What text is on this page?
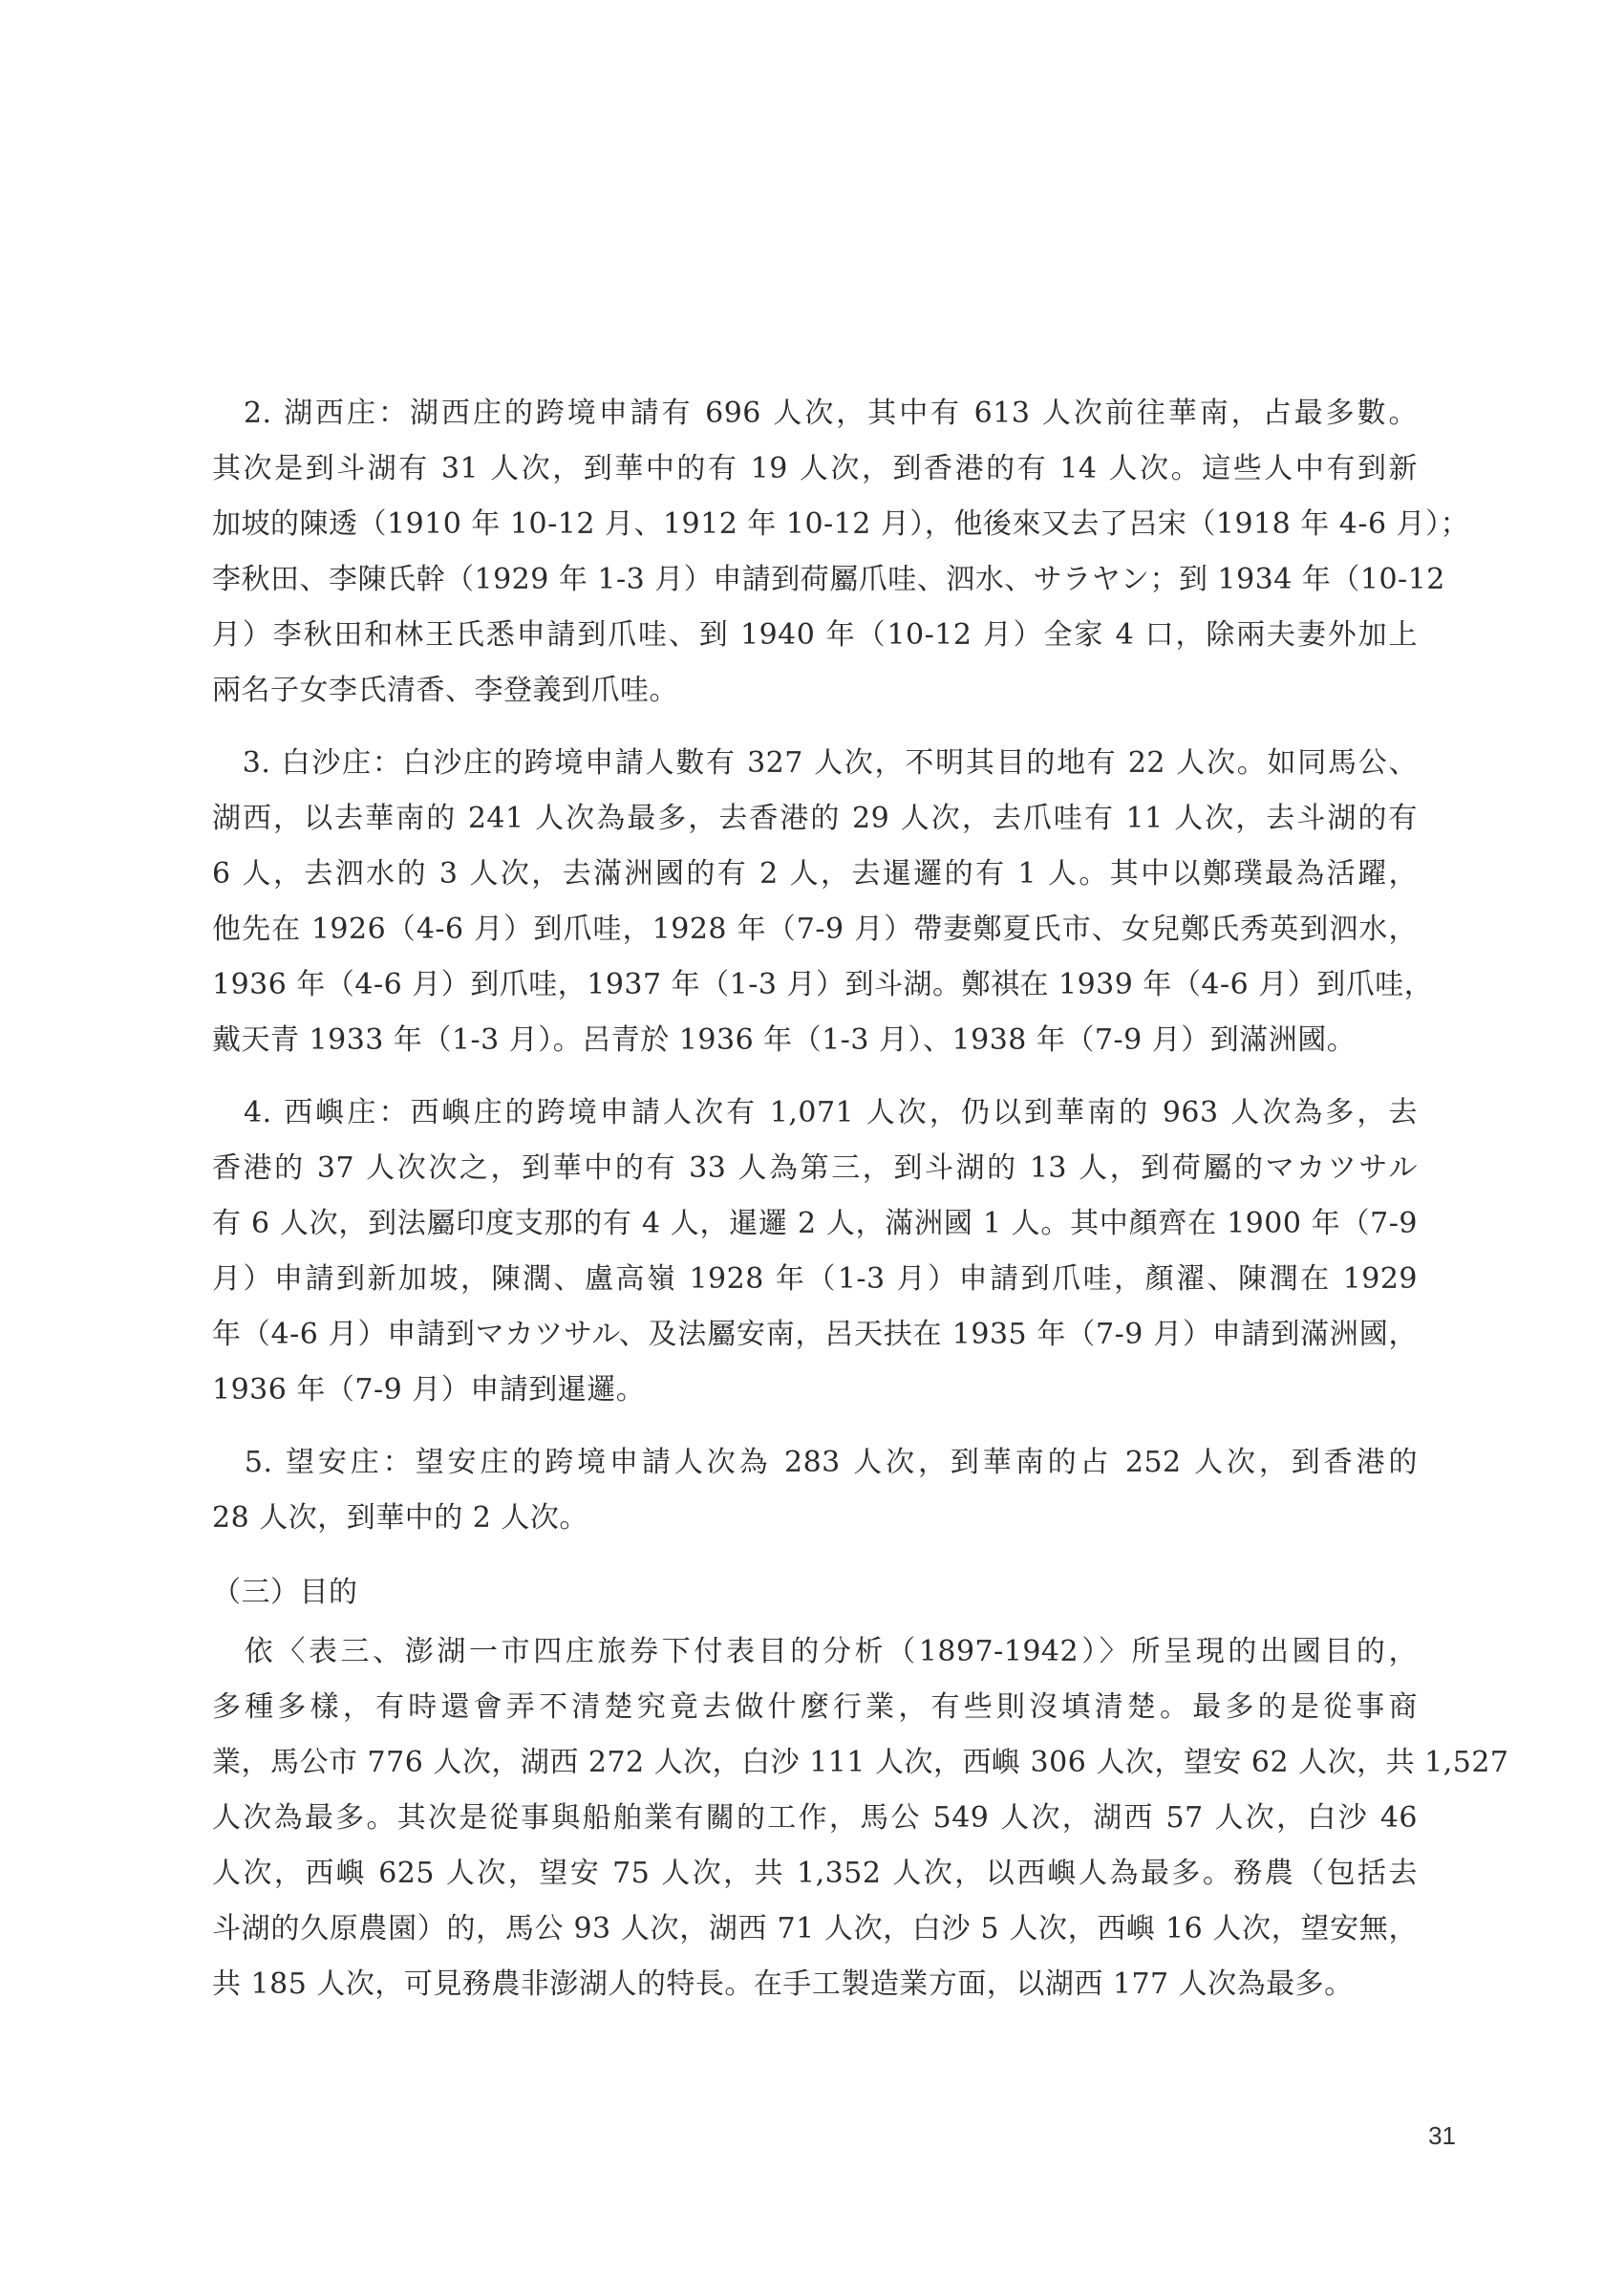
　2. 湖西庄：湖西庄的跨境申請有 696 人次，其中有 613 人次前往華南，占最多數。
其次是到斗湖有 31 人次，到華中的有 19 人次，到香港的有 14 人次。這些人中有到新
加坡的陳透（1910 年 10-12 月、1912 年 10-12 月），他後來又去了呂宋（1918 年 4-6 月）；
李秋田、李陳氏幹（1929 年 1-3 月）申請到荷屬爪哇、泗水、サラヤン；到 1934 年（10-12
月）李秋田和林王氏悉申請到爪哇、到 1940 年（10-12 月）全家 4 口，除兩夫妻外加上
兩名子女李氏清香、李登義到爪哇。
　3. 白沙庄：白沙庄的跨境申請人數有 327 人次，不明其目的地有 22 人次。如同馬公、
湖西，以去華南的 241 人次為最多，去香港的 29 人次，去爪哇有 11 人次，去斗湖的有
6 人，去泗水的 3 人次，去滿洲國的有 2 人，去暹邏的有 1 人。其中以鄭璞最為活躍，
他先在 1926（4-6 月）到爪哇，1928 年（7-9 月）帶妻鄭夏氏市、女兒鄭氏秀英到泗水，
1936 年（4-6 月）到爪哇，1937 年（1-3 月）到斗湖。鄭祺在 1939 年（4-6 月）到爪哇，
戴天青 1933 年（1-3 月）。呂青於 1936 年（1-3 月）、1938 年（7-9 月）到滿洲國。
　4. 西嶼庄：西嶼庄的跨境申請人次有 1,071 人次，仍以到華南的 963 人次為多，去
香港的 37 人次次之，到華中的有 33 人為第三，到斗湖的 13 人，到荷屬的マカツサル
有 6 人次，到法屬印度支那的有 4 人，暹邏 2 人，滿洲國 1 人。其中顏齊在 1900 年（7-9
月）申請到新加坡，陳濶、盧高嶺 1928 年（1-3 月）申請到爪哇，顏濯、陳潤在 1929
年（4-6 月）申請到マカツサル、及法屬安南，呂天扶在 1935 年（7-9 月）申請到滿洲國，
1936 年（7-9 月）申請到暹邏。
　5. 望安庄：望安庄的跨境申請人次為 283 人次，到華南的占 252 人次，到香港的
28 人次，到華中的 2 人次。
（三）目的
　依〈表三、澎湖一市四庄旅券下付表目的分析（1897-1942）〉所呈現的出國目的，
多種多樣，有時還會弄不清楚究竟去做什麼行業，有些則沒填清楚。最多的是從事商
業，馬公市 776 人次，湖西 272 人次，白沙 111 人次，西嶼 306 人次，望安 62 人次，共 1,527
人次為最多。其次是從事與船舶業有關的工作，馬公 549 人次，湖西 57 人次，白沙 46
人次，西嶼 625 人次，望安 75 人次，共 1,352 人次，以西嶼人為最多。務農（包括去
斗湖的久原農園）的，馬公 93 人次，湖西 71 人次，白沙 5 人次，西嶼 16 人次，望安無，
共 185 人次，可見務農非澎湖人的特長。在手工製造業方面，以湖西 177 人次為最多。
31
